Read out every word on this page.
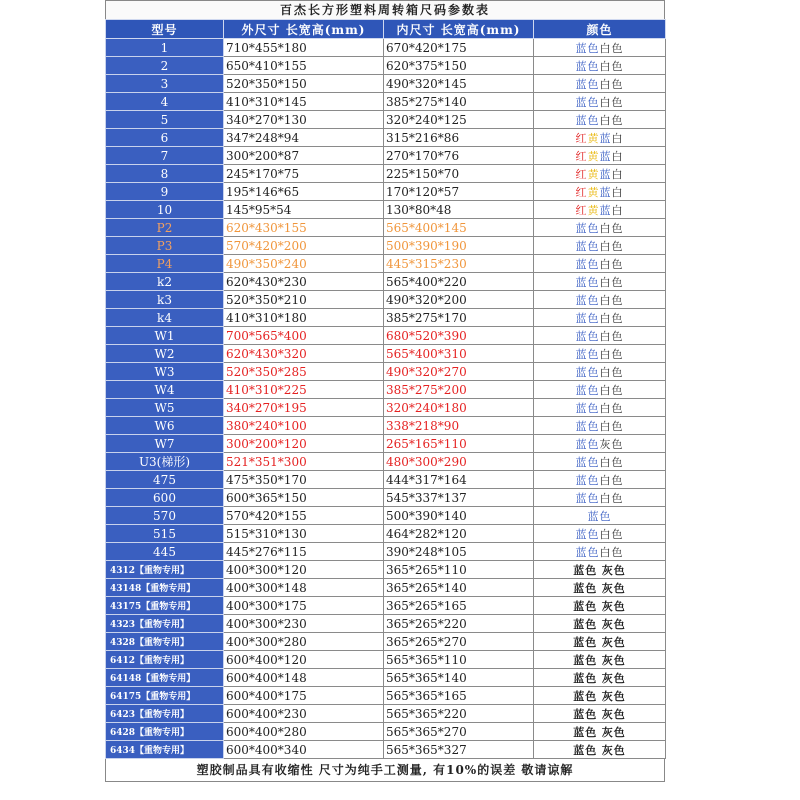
百杰长方形塑料周转箱尺码参数表
型号	外尺寸 长宽高(mm)	内尺寸 长宽高(mm)	颜色
1	710*455*180	670*420*175	蓝色白色
2	650*410*155	620*375*150	蓝色白色
3	520*350*150	490*320*145	蓝色白色
4	410*310*145	385*275*140	蓝色白色
5	340*270*130	320*240*125	蓝色白色
6	347*248*94	315*216*86	红黄蓝白
7	300*200*87	270*170*76	红黄蓝白
8	245*170*75	225*150*70	红黄蓝白
9	195*146*65	170*120*57	红黄蓝白
10	145*95*54	130*80*48	红黄蓝白
P2	620*430*155	565*400*145	蓝色白色
P3	570*420*200	500*390*190	蓝色白色
P4	490*350*240	445*315*230	蓝色白色
k2	620*430*230	565*400*220	蓝色白色
k3	520*350*210	490*320*200	蓝色白色
k4	410*310*180	385*275*170	蓝色白色
W1	700*565*400	680*520*390	蓝色白色
W2	620*430*320	565*400*310	蓝色白色
W3	520*350*285	490*320*270	蓝色白色
W4	410*310*225	385*275*200	蓝色白色
W5	340*270*195	320*240*180	蓝色白色
W6	380*240*100	338*218*90	蓝色白色
W7	300*200*120	265*165*110	蓝色灰色
U3(梯形)	521*351*300	480*300*290	蓝色白色
475	475*350*170	444*317*164	蓝色白色
600	600*365*150	545*337*137	蓝色白色
570	570*420*155	500*390*140	蓝色
515	515*310*130	464*282*120	蓝色白色
445	445*276*115	390*248*105	蓝色白色
4312【重物专用】	400*300*120	365*265*110	蓝色 灰色
43148【重物专用】	400*300*148	365*265*140	蓝色 灰色
43175【重物专用】	400*300*175	365*265*165	蓝色 灰色
4323【重物专用】	400*300*230	365*265*220	蓝色 灰色
4328【重物专用】	400*300*280	365*265*270	蓝色 灰色
6412【重物专用】	600*400*120	565*365*110	蓝色 灰色
64148【重物专用】	600*400*148	565*365*140	蓝色 灰色
64175【重物专用】	600*400*175	565*365*165	蓝色 灰色
6423【重物专用】	600*400*230	565*365*220	蓝色 灰色
6428【重物专用】	600*400*280	565*365*270	蓝色 灰色
6434【重物专用】	600*400*340	565*365*327	蓝色 灰色
塑胶制品具有收缩性 尺寸为纯手工测量, 有10%的误差 敬请谅解
